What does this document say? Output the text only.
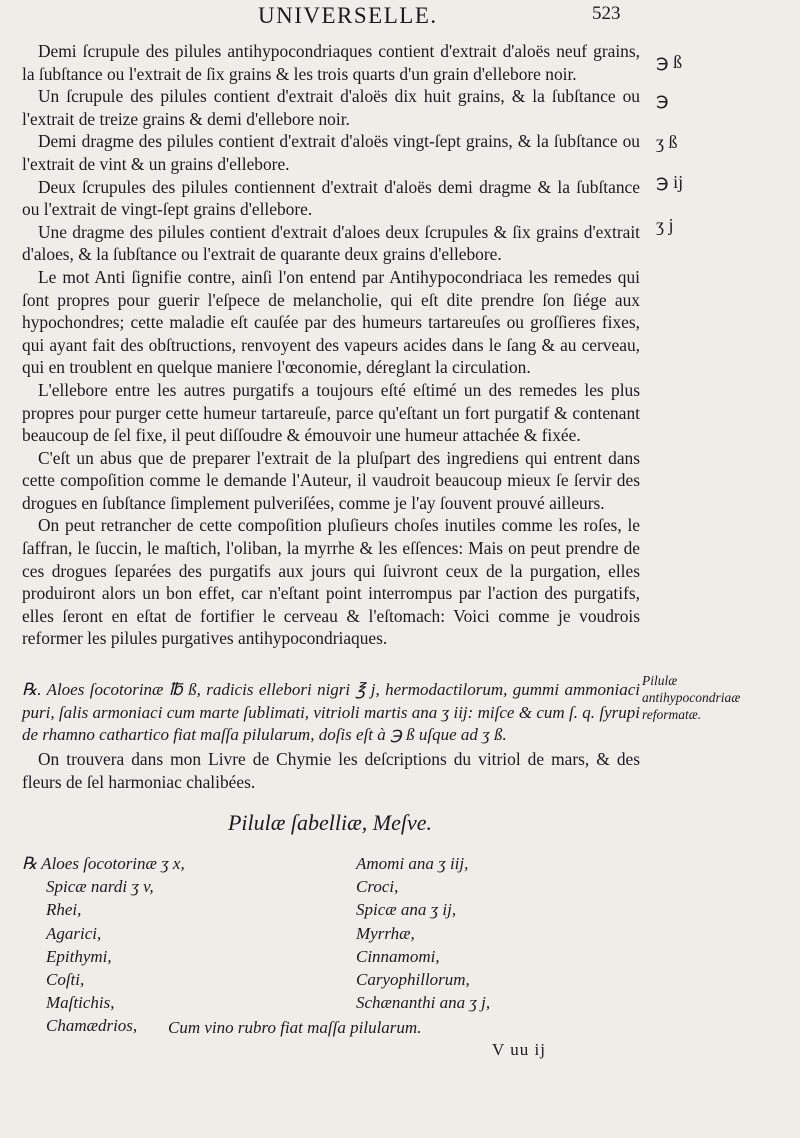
UNIVERSELLE.	523

Demi ſcrupule des pilules antihypocondriaques contient d'extrait d'aloës neuf grains, la ſubſtance ou l'extrait de ſix grains & les trois quarts d'un grain d'ellebore noir.

Un ſcrupule des pilules contient d'extrait d'aloës dix huit grains, & la ſubſtance ou l'extrait de treize grains & demi d'ellebore noir.

Demi dragme des pilules contient d'extrait d'aloës vingt-ſept grains, & la ſubſtance ou l'extrait de vint & un grains d'ellebore.

Deux ſcrupules des pilules contiennent d'extrait d'aloës demi dragme & la ſubſtance ou l'extrait de vingt-ſept grains d'ellebore.

Une dragme des pilules contient d'extrait d'aloes deux ſcrupules & ſix grains d'extrait d'aloes, & la ſubſtance ou l'extrait de quarante deux grains d'ellebore.

Le mot Anti ſignifie contre, ainſi l'on entend par Antihypocondriaca les remedes qui ſont propres pour guerir l'eſpece de melancholie, qui eſt dite prendre ſon ſiége aux hypochondres; cette maladie eſt cauſée par des humeurs tartareuſes ou groſſieres fixes, qui ayant fait des obſtructions, renvoyent des vapeurs acides dans le ſang & au cerveau, qui en troublent en quelque maniere l'œconomie, déreglant la circulation.

L'ellebore entre les autres purgatifs a toujours eſté eſtimé un des remedes les plus propres pour purger cette humeur tartareuſe, parce qu'eſtant un fort purgatif & contenant beaucoup de ſel fixe, il peut diſſoudre & émouvoir une humeur attachée & fixée.

C'eſt un abus que de preparer l'extrait de la pluſpart des ingrediens qui entrent dans cette compoſition comme le demande l'Auteur, il vaudroit beaucoup mieux ſe ſervir des drogues en ſubſtance ſimplement pulveriſées, comme je l'ay ſouvent prouvé ailleurs.

On peut retrancher de cette compoſition pluſieurs choſes inutiles comme les roſes, le ſaffran, le ſuccin, le maſtich, l'oliban, la myrrhe & les eſſences: Mais on peut prendre de ces drogues ſeparées des purgatifs aux jours qui ſuivront ceux de la purgation, elles produiront alors un bon effet, car n'eſtant point interrompus par l'action des purgatifs, elles ſeront en eſtat de fortifier le cerveau & l'eſtomach: Voici comme je voudrois reformer les pilules purgatives antihypocondriaques.

℈ ß
℈
ʒ ß
℈ ij
ʒ j

℞. Aloes ſocotorinæ ℔ ß, radicis ellebori nigri ℥ j, hermodactilorum, gummi ammoniaci puri, ſalis armoniaci cum marte ſublimati, vitrioli martis ana ʒ iij: miſce & cum ſ. q. ſyrupi de rhamno cathartico fiat maſſa pilularum, doſis eſt à ℈ ß uſque ad ʒ ß.

Pilulæ antihypocondriaæ reformatæ.

On trouvera dans mon Livre de Chymie les deſcriptions du vitriol de mars, & des fleurs de ſel harmoniac chalibées.

Pilulæ ſabelliæ, Meſve.
℞ Aloes ſocotorinæ ʒ x,
Spicæ nardi ʒ v,
Rhei,
Agarici,
Epithymi,
Coſti,
Maſtichis,
Chamædrios,
Amomi ana ʒ iij,
Croci,
Spicæ ana ʒ ij,
Myrrhæ,
Cinnamomi,
Caryophillorum,
Schænanthi ana ʒ j,
Cum vino rubro fiat maſſa pilularum.
V uu ij
